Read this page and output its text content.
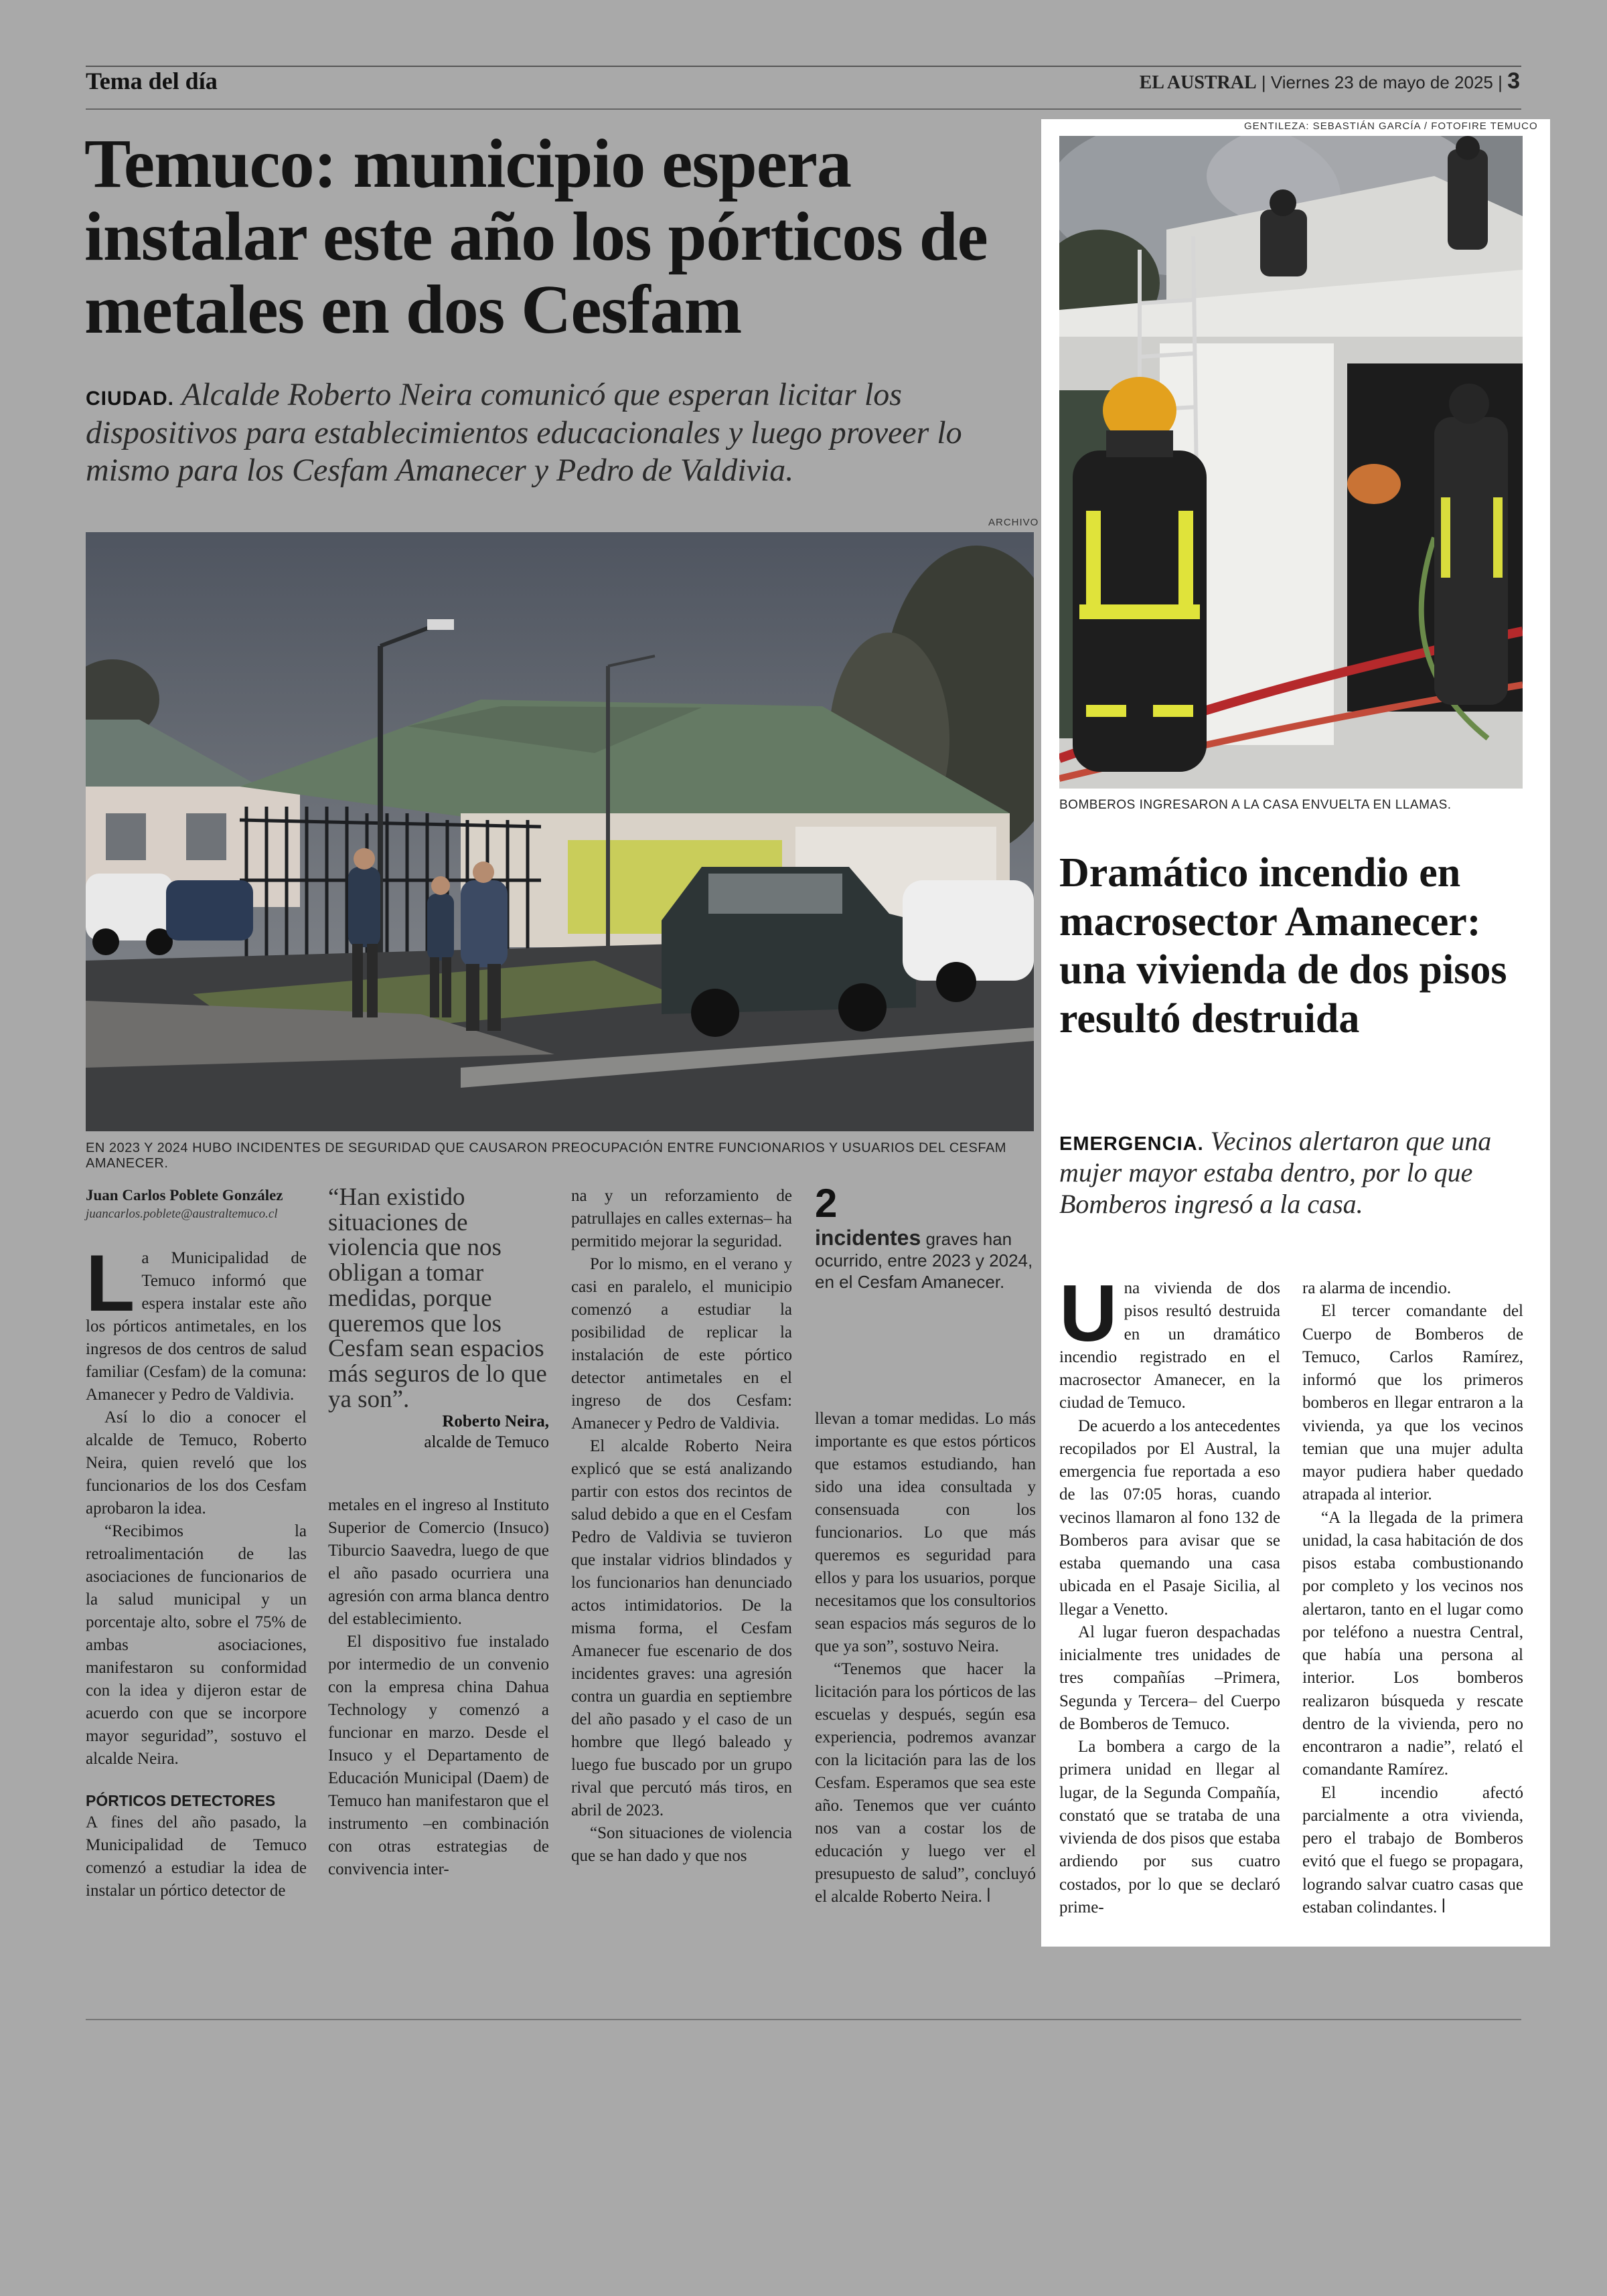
Tema del día	EL AUSTRAL | Viernes 23 de mayo de 2025 | 3
Temuco: municipio espera instalar este año los pórticos de metales en dos Cesfam
CIUDAD. Alcalde Roberto Neira comunicó que esperan licitar los dispositivos para establecimientos educacionales y luego proveer lo mismo para los Cesfam Amanecer y Pedro de Valdivia.
ARCHIVO
EN 2023 Y 2024 HUBO INCIDENTES DE SEGURIDAD QUE CAUSARON PREOCUPACIÓN ENTRE FUNCIONARIOS Y USUARIOS DEL CESFAM AMANECER.
Juan Carlos Poblete González
juancarlos.poblete@australtemuco.cl

La Municipalidad de Temuco informó que espera instalar este año los pórticos antimetales, en los ingresos de dos centros de salud familiar (Cesfam) de la comuna: Amanecer y Pedro de Valdivia.

Así lo dio a conocer el alcalde de Temuco, Roberto Neira, quien reveló que los funcionarios de los dos Cesfam aprobaron la idea.

“Recibimos la retroalimentación de las asociaciones de funcionarios de la salud municipal y un porcentaje alto, sobre el 75% de ambas asociaciones, manifestaron su conformidad con la idea y dijeron estar de acuerdo con que se incorpore mayor seguridad”, sostuvo el alcalde Neira.

PÓRTICOS DETECTORES

A fines del año pasado, la Municipalidad de Temuco comenzó a estudiar la idea de instalar un pórtico detector de

“Han existido situaciones de violencia que nos obligan a tomar medidas, porque queremos que los Cesfam sean espacios más seguros de lo que ya son”.
Roberto Neira,
alcalde de Temuco

metales en el ingreso al Instituto Superior de Comercio (Insuco) Tiburcio Saavedra, luego de que el año pasado ocurriera una agresión con arma blanca dentro del establecimiento.

El dispositivo fue instalado por intermedio de un convenio con la empresa china Dahua Technology y comenzó a funcionar en marzo. Desde el Insuco y el Departamento de Educación Municipal (Daem) de Temuco han manifestaron que el instrumento –en combinación con otras estrategias de convivencia inter-

na y un reforzamiento de patrullajes en calles externas– ha permitido mejorar la seguridad.

Por lo mismo, en el verano y casi en paralelo, el municipio comenzó a estudiar la posibilidad de replicar la instalación de este pórtico detector antimetales en el ingreso de dos Cesfam: Amanecer y Pedro de Valdivia.

El alcalde Roberto Neira explicó que se está analizando partir con estos dos recintos de salud debido a que en el Cesfam Pedro de Valdivia se tuvieron que instalar vidrios blindados y los funcionarios han denunciado actos intimidatorios. De la misma forma, el Cesfam Amanecer fue escenario de dos incidentes graves: una agresión contra un guardia en septiembre del año pasado y el caso de un hombre que llegó baleado y luego fue buscado por un grupo rival que percutó más tiros, en abril de 2023.

“Son situaciones de violencia que se han dado y que nos

2
incidentes graves han ocurrido, entre 2023 y 2024, en el Cesfam Amanecer.

llevan a tomar medidas. Lo más importante es que estos pórticos que estamos estudiando, han sido una idea consultada y consensuada con los funcionarios. Lo que más queremos es seguridad para ellos y para los usuarios, porque necesitamos que los consultorios sean espacios más seguros de lo que ya son”, sostuvo Neira.

“Tenemos que hacer la licitación para los pórticos de las escuelas y después, según esa experiencia, podremos avanzar con la licitación para las de los Cesfam. Esperamos que sea este año. Tenemos que ver cuánto nos van a costar los de educación y luego ver el presupuesto de salud”, concluyó el alcalde Roberto Neira. ꟾ

GENTILEZA: SEBASTIÁN GARCÍA / FOTOFIRE TEMUCO
BOMBEROS INGRESARON A LA CASA ENVUELTA EN LLAMAS.
Dramático incendio en macrosector Amanecer: una vivienda de dos pisos resultó destruida
EMERGENCIA. Vecinos alertaron que una mujer mayor estaba dentro, por lo que Bomberos ingresó a la casa.

Una vivienda de dos pisos resultó destruida en un dramático incendio registrado en el macrosector Amanecer, en la ciudad de Temuco.

De acuerdo a los antecedentes recopilados por El Austral, la emergencia fue reportada a eso de las 07:05 horas, cuando vecinos llamaron al fono 132 de Bomberos para avisar que se estaba quemando una casa ubicada en el Pasaje Sicilia, al llegar a Venetto.

Al lugar fueron despachadas inicialmente tres unidades de tres compañías –Primera, Segunda y Tercera– del Cuerpo de Bomberos de Temuco.

La bombera a cargo de la primera unidad en llegar al lugar, de la Segunda Compañía, constató que se trataba de una vivienda de dos pisos que estaba ardiendo por sus cuatro costados, por lo que se declaró prime-

ra alarma de incendio.

El tercer comandante del Cuerpo de Bomberos de Temuco, Carlos Ramírez, informó que los primeros bomberos en llegar entraron a la vivienda, ya que los vecinos temian que una mujer adulta mayor pudiera haber quedado atrapada al interior.

“A la llegada de la primera unidad, la casa habitación de dos pisos estaba combustionando por completo y los vecinos nos alertaron, tanto en el lugar como por teléfono a nuestra Central, que había una persona al interior. Los bomberos realizaron búsqueda y rescate dentro de la vivienda, pero no encontraron a nadie”, relató el comandante Ramírez.

El incendio afectó parcialmente a otra vivienda, pero el trabajo de Bomberos evitó que el fuego se propagara, logrando salvar cuatro casas que estaban colindantes. ꟾ
